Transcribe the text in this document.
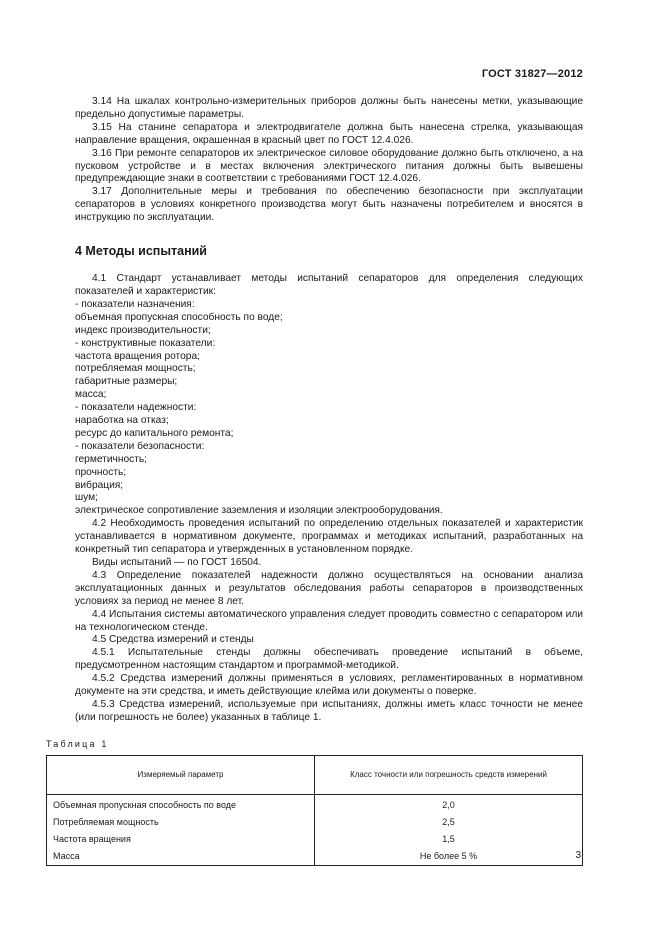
ГОСТ 31827—2012

3.14 На шкалах контрольно-измерительных приборов должны быть нанесены метки, указывающие предельно допустимые параметры.

3.15 На станине сепаратора и электродвигателе должна быть нанесена стрелка, указывающая направление вращения, окрашенная в красный цвет по ГОСТ 12.4.026.

3.16 При ремонте сепараторов их электрическое силовое оборудование должно быть отключено, а на пусковом устройстве и в местах включения электрического питания должны быть вывешены предупреждающие знаки в соответствии с требованиями ГОСТ 12.4.026.

3.17 Дополнительные меры и требования по обеспечению безопасности при эксплуатации сепараторов в условиях конкретного производства могут быть назначены потребителем и вносятся в инструкцию по эксплуатации.

4 Методы испытаний

4.1 Стандарт устанавливает методы испытаний сепараторов для определения следующих показателей и характеристик:

- показатели назначения:

объемная пропускная способность по воде;

индекс производительности;

- конструктивные показатели:

частота вращения ротора;

потребляемая мощность;

габаритные размеры;

масса;

- показатели надежности:

наработка на отказ;

ресурс до капитального ремонта;

- показатели безопасности:

герметичность;

прочность;

вибрация;

шум;

электрическое сопротивление заземления и изоляции электрооборудования.

4.2 Необходимость проведения испытаний по определению отдельных показателей и характеристик устанавливается в нормативном документе, программах и методиках испытаний, разработанных на конкретный тип сепаратора и утвержденных в установленном порядке.

Виды испытаний — по ГОСТ 16504.

4.3 Определение показателей надежности должно осуществляться на основании анализа эксплуатационных данных и результатов обследования работы сепараторов в производственных условиях за период не менее 8 лет.

4.4 Испытания системы автоматического управления следует проводить совместно с сепаратором или на технологическом стенде.

4.5 Средства измерений и стенды

4.5.1 Испытательные стенды должны обеспечивать проведение испытаний в объеме, предусмотренном настоящим стандартом и программой-методикой.

4.5.2 Средства измерений должны применяться в условиях, регламентированных в нормативном документе на эти средства, и иметь действующие клейма или документы о поверке.

4.5.3 Средства измерений, используемые при испытаниях, должны иметь класс точности не менее (или погрешность не более) указанных в таблице 1.

Таблица 1
Измеряемый параметр	Класс точности или погрешность средств измерений
Объемная пропускная способность по воде	2,0
Потребляемая мощность	2,5
Частота вращения	1,5
Масса	Не более 5 %	3
